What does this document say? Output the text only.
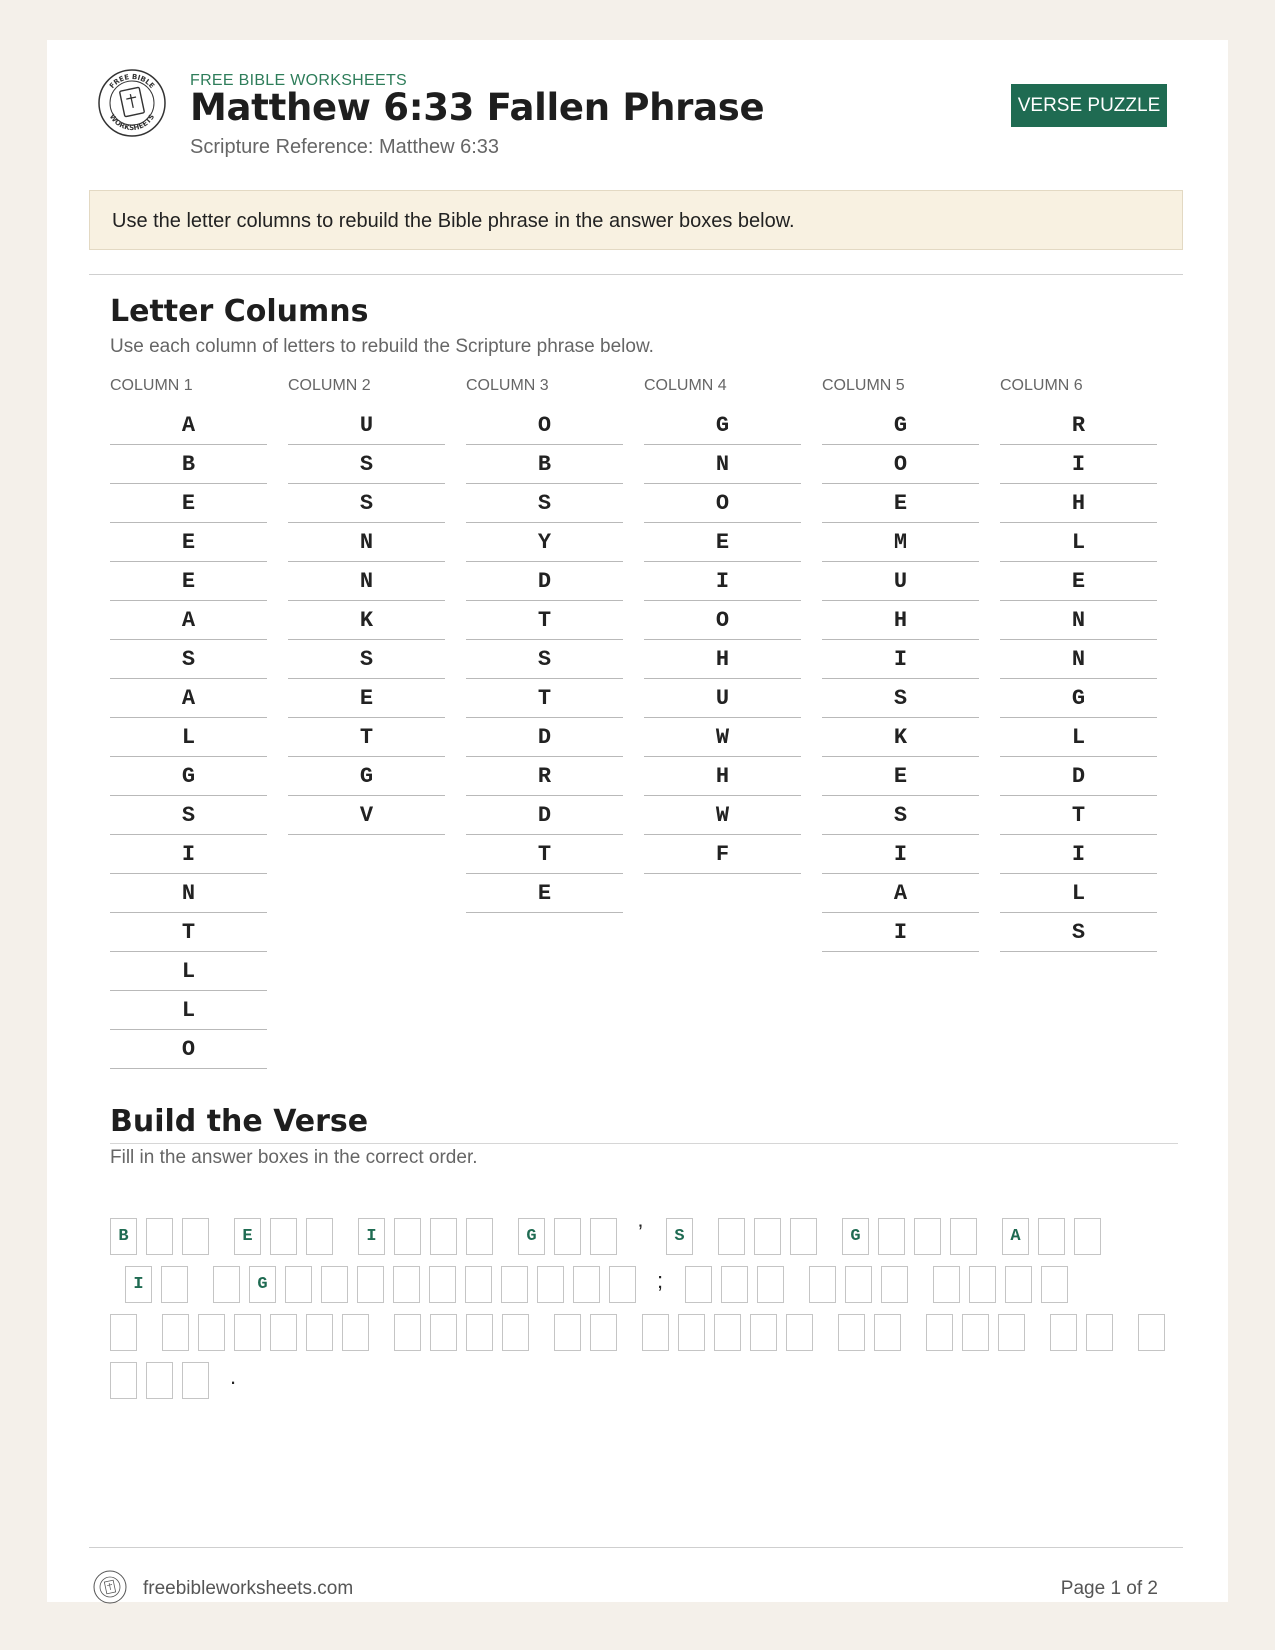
FREE BIBLE
WORKSHEETS
FREE BIBLE WORKSHEETS
Matthew 6:33 Fallen Phrase
Scripture Reference: Matthew 6:33
VERSE PUZZLE
Use the letter columns to rebuild the Bible phrase in the answer boxes below.
Letter Columns
Use each column of letters to rebuild the Scripture phrase below.
COLUMN 1
A
B
E
E
E
A
S
A
L
G
S
I
N
T
L
L
O
COLUMN 2
U
S
S
N
N
K
S
E
T
G
V
COLUMN 3
O
B
S
Y
D
T
S
T
D
R
D
T
E
COLUMN 4
G
N
O
E
I
O
H
U
W
H
W
F
COLUMN 5
G
O
E
M
U
H
I
S
K
E
S
I
A
I
COLUMN 6
R
I
H
L
E
N
N
G
L
D
T
I
L
S
Build the Verse
Fill in the answer boxes in the correct order.
B	E	I	G	’	S	G	A
I	G	;
.
freebibleworksheets.com	Page 1 of 2
